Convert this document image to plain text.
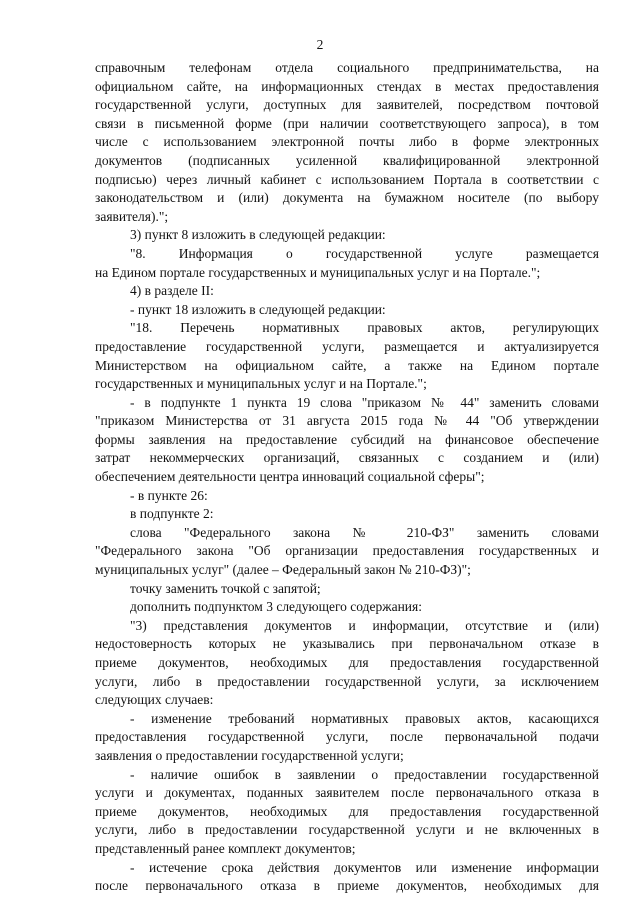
2
справочным телефонам отдела социального предпринимательства, на
официальном сайте, на информационных стендах в местах предоставления
государственной услуги, доступных для заявителей, посредством почтовой
связи в письменной форме (при наличии соответствующего запроса), в том
числе с использованием электронной почты либо в форме электронных
документов (подписанных усиленной квалифицированной электронной
подписью) через личный кабинет с использованием Портала в соответствии с
законодательством и (или) документа на бумажном носителе (по выбору
заявителя).";
3) пункт 8 изложить в следующей редакции:
"8. Информация о государственной услуге размещается
на Едином портале государственных и муниципальных услуг и на Портале.";
4) в разделе II:
- пункт 18 изложить в следующей редакции:
"18. Перечень нормативных правовых актов, регулирующих
предоставление государственной услуги, размещается и актуализируется
Министерством на официальном сайте, а также на Едином портале
государственных и муниципальных услуг и на Портале.";
- в подпункте 1 пункта 19 слова "приказом № 44" заменить словами
"приказом Министерства от 31 августа 2015 года № 44 "Об утверждении
формы заявления на предоставление субсидий на финансовое обеспечение
затрат некоммерческих организаций, связанных с созданием и (или)
обеспечением деятельности центра инноваций социальной сферы";
- в пункте 26:
в подпункте 2:
слова "Федерального закона № 210-ФЗ" заменить словами
"Федерального закона "Об организации предоставления государственных и
муниципальных услуг" (далее – Федеральный закон № 210-ФЗ)";
точку заменить точкой с запятой;
дополнить подпунктом 3 следующего содержания:
"3) представления документов и информации, отсутствие и (или)
недостоверность которых не указывались при первоначальном отказе в
приеме документов, необходимых для предоставления государственной
услуги, либо в предоставлении государственной услуги, за исключением
следующих случаев:
- изменение требований нормативных правовых актов, касающихся
предоставления государственной услуги, после первоначальной подачи
заявления о предоставлении государственной услуги;
- наличие ошибок в заявлении о предоставлении государственной
услуги и документах, поданных заявителем после первоначального отказа в
приеме документов, необходимых для предоставления государственной
услуги, либо в предоставлении государственной услуги и не включенных в
представленный ранее комплект документов;
- истечение срока действия документов или изменение информации
после первоначального отказа в приеме документов, необходимых для
